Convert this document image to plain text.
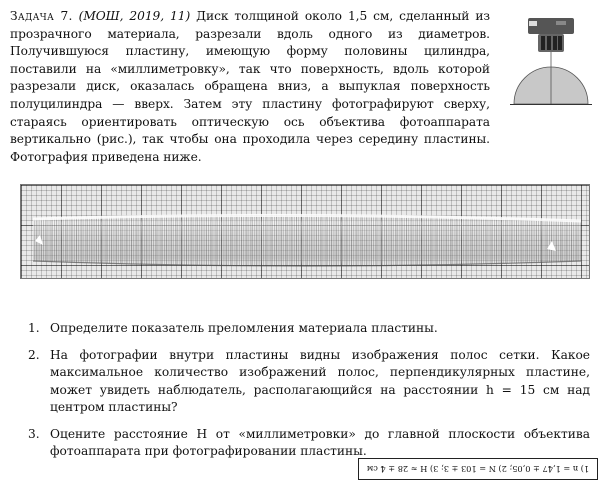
Задача 7. (МОШ, 2019, 11) Диск толщиной около 1,5 см, сделанный из прозрачного материала, разрезали вдоль одного из диаметров. Получившуюся пластину, имеющую форму половины цилиндра, поставили на «миллиметровку», так что поверхность, вдоль которой разрезали диск, оказалась обращена вниз, а выпуклая поверхность полуцилиндра — вверх. Затем эту пластину фотографируют сверху, стараясь ориентировать оптическую ось объектива фотоаппарата вертикально (рис.), так чтобы она проходила через середину пластины. Фотография приведена ниже.
1. Определите показатель преломления материала пластины.
2. На фотографии внутри пластины видны изображения полос сетки. Какое максимальное количество изображений полос, перпендикулярных пластине, может увидеть наблюдатель, располагающийся на расстоянии h = 15 см над центром пластины?
3. Оцените расстояние H от «миллиметровки» до главной плоскости объектива фотоаппарата при фотографировании пластины.
1) n = 1,47 ± 0,05; 2) N = 103 ± 3; 3) H ≈ 28 ± 4 см
